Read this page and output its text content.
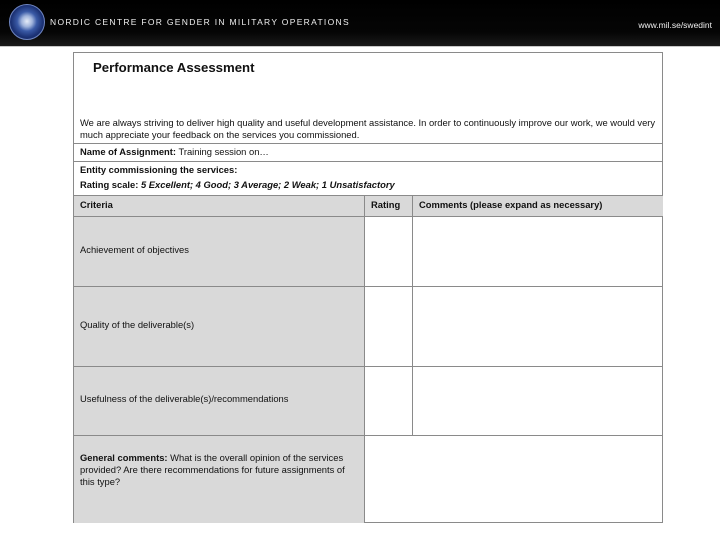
NORDIC CENTRE FOR GENDER IN MILITARY OPERATIONS	www.mil.se/swedint
Performance Assessment
We are always striving to deliver high quality and useful development assistance. In order to continuously improve our work, we would very much appreciate your feedback on the services you commissioned.
Name of Assignment: Training session on…
Entity commissioning the services:
Rating scale: 5 Excellent; 4 Good; 3 Average; 2 Weak; 1 Unsatisfactory
Criteria	Rating Comments (please expand as necessary)
Achievement of objectives
Quality of the deliverable(s)
Usefulness of the deliverable(s)/recommendations
General comments: What is the overall opinion of the services provided? Are there recommendations for future assignments of this type?
